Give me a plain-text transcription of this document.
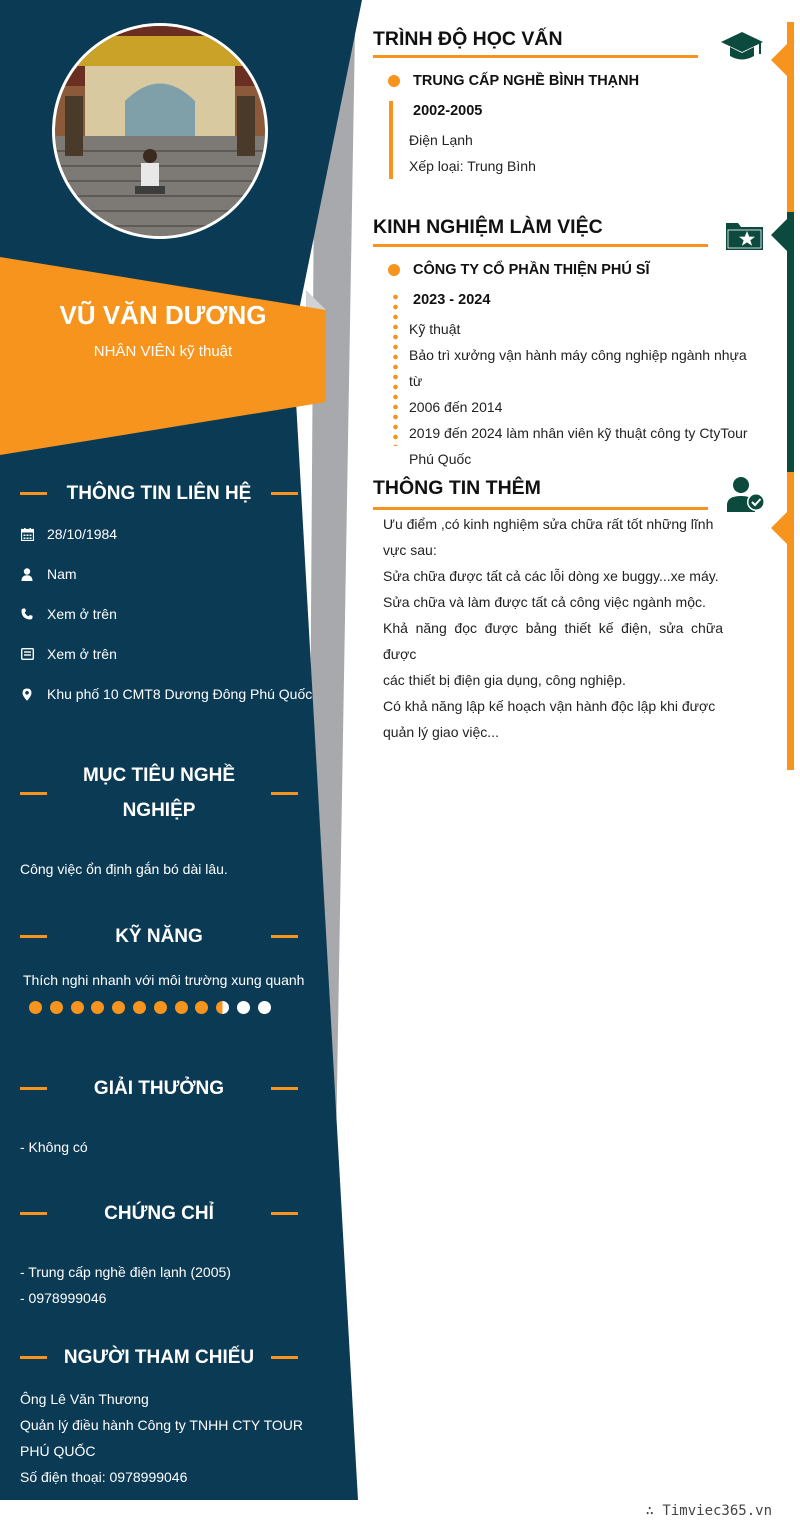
VŨ VĂN DƯƠNG
NHÂN VIÊN kỹ thuật
THÔNG TIN LIÊN HỆ
28/10/1984
Nam
Xem ở trên
Xem ở trên
Khu phố 10 CMT8 Dương Đông Phú Quốc
MỤC TIÊU NGHỀ
NGHIỆP
Công việc ổn định gắn bó dài lâu.
KỸ NĂNG
Thích nghi nhanh với môi trường xung quanh
GIẢI THƯỞNG
- Không có
CHỨNG CHỈ
- Trung cấp nghề điện lạnh (2005)
- 0978999046
NGƯỜI THAM CHIẾU
Ông Lê Văn Thương
Quản lý điều hành Công ty TNHH CTY TOUR
PHÚ QUỐC
Số điện thoại: 0978999046
TRÌNH ĐỘ HỌC VẤN
TRUNG CẤP NGHỀ BÌNH THẠNH
2002-2005
Điện Lạnh
Xếp loại: Trung Bình
KINH NGHIỆM LÀM VIỆC
CÔNG TY CỔ PHẦN THIỆN PHÚ SĨ
2023 - 2024
Kỹ thuật
Bảo trì xưởng vận hành máy công nghiệp ngành nhựa từ
2006 đến 2014
2019 đến 2024 làm nhân viên kỹ thuật công ty CtyTour
Phú Quốc
THÔNG TIN THÊM
Ưu điểm ,có kinh nghiệm sửa chữa rất tốt những lĩnh
vực sau:
Sửa chữa được tất cả các lỗi dòng xe buggy...xe máy.
Sửa chữa và làm được tất cả công việc ngành mộc.
Khả năng đọc được bảng thiết kế điện, sửa chữa được
các thiết bị điện gia dụng, công nghiệp.
Có khả năng lập kế hoạch vận hành độc lập khi được
quản lý giao việc...
∴ Timviec365.vn
